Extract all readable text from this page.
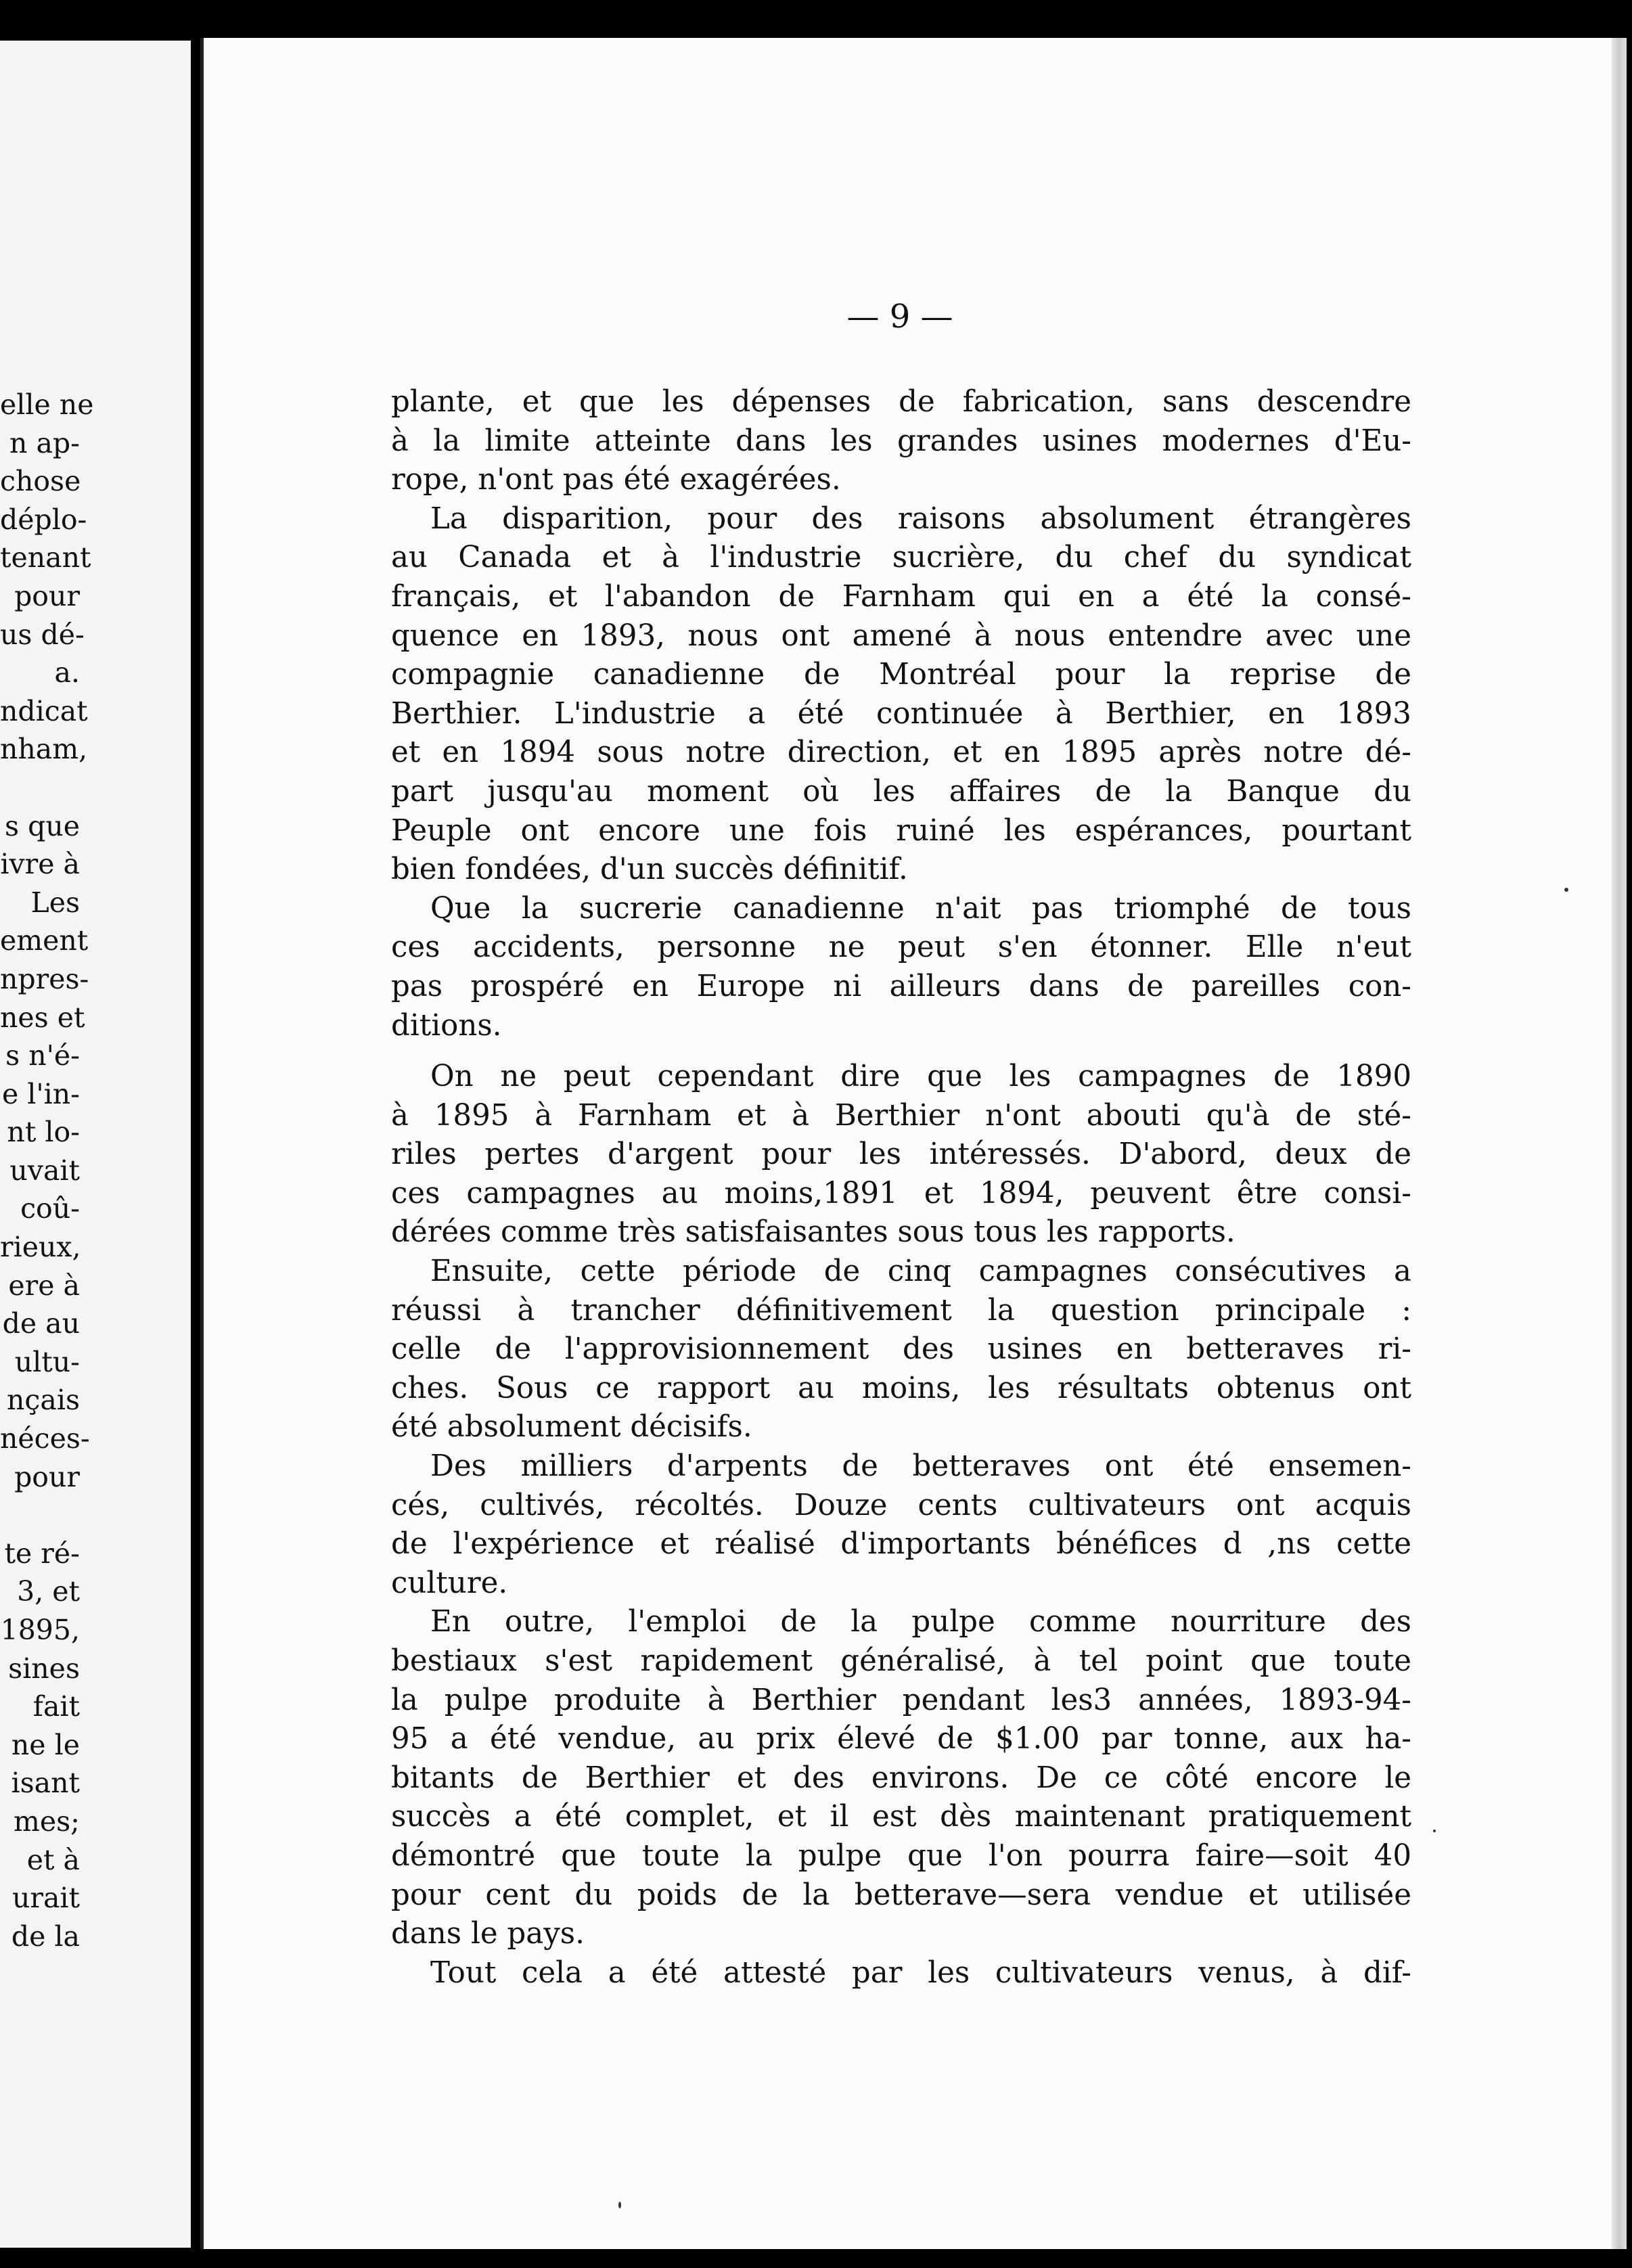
elle ne
n ap-
chose
déplo-
tenant
pour
us dé-
a.
ndicat
nham,
s que
ivre à
Les
ement
npres-
nes et
s n'é-
e l'in-
nt lo-
uvait
coû-
rieux,
ere à
de au
ultu-
nçais
néces-
pour
te ré-
3, et
1895,
sines
fait
ne le
isant
mes;
et à
urait
de la
— 9 —

plante, et que les dépenses de fabrication, sans descendre
à la limite atteinte dans les grandes usines modernes d'Eu-
rope, n'ont pas été exagérées.

La disparition, pour des raisons absolument étrangères
au Canada et à l'industrie sucrière, du chef du syndicat
français, et l'abandon de Farnham qui en a été la consé-
quence en 1893, nous ont amené à nous entendre avec une
compagnie canadienne de Montréal pour la reprise de
Berthier. L'industrie a été continuée à Berthier, en 1893
et en 1894 sous notre direction, et en 1895 après notre dé-
part jusqu'au moment où les affaires de la Banque du
Peuple ont encore une fois ruiné les espérances, pourtant
bien fondées, d'un succès définitif.

Que la sucrerie canadienne n'ait pas triomphé de tous
ces accidents, personne ne peut s'en étonner. Elle n'eut
pas prospéré en Europe ni ailleurs dans de pareilles con-
ditions.

On ne peut cependant dire que les campagnes de 1890
à 1895 à Farnham et à Berthier n'ont abouti qu'à de sté-
riles pertes d'argent pour les intéressés. D'abord, deux de
ces campagnes au moins,1891 et 1894, peuvent être consi-
dérées comme très satisfaisantes sous tous les rapports.

Ensuite, cette période de cinq campagnes consécutives a
réussi à trancher définitivement la question principale :
celle de l'approvisionnement des usines en betteraves ri-
ches. Sous ce rapport au moins, les résultats obtenus ont
été absolument décisifs.

Des milliers d'arpents de betteraves ont été ensemen-
cés, cultivés, récoltés. Douze cents cultivateurs ont acquis
de l'expérience et réalisé d'importants bénéfices d ,ns cette
culture.

En outre, l'emploi de la pulpe comme nourriture des
bestiaux s'est rapidement généralisé, à tel point que toute
la pulpe produite à Berthier pendant les3 années, 1893-94-
95 a été vendue, au prix élevé de $1.00 par tonne, aux ha-
bitants de Berthier et des environs. De ce côté encore le
succès a été complet, et il est dès maintenant pratiquement
démontré que toute la pulpe que l'on pourra faire—soit 40
pour cent du poids de la betterave—sera vendue et utilisée
dans le pays.

Tout cela a été attesté par les cultivateurs venus, à dif-
